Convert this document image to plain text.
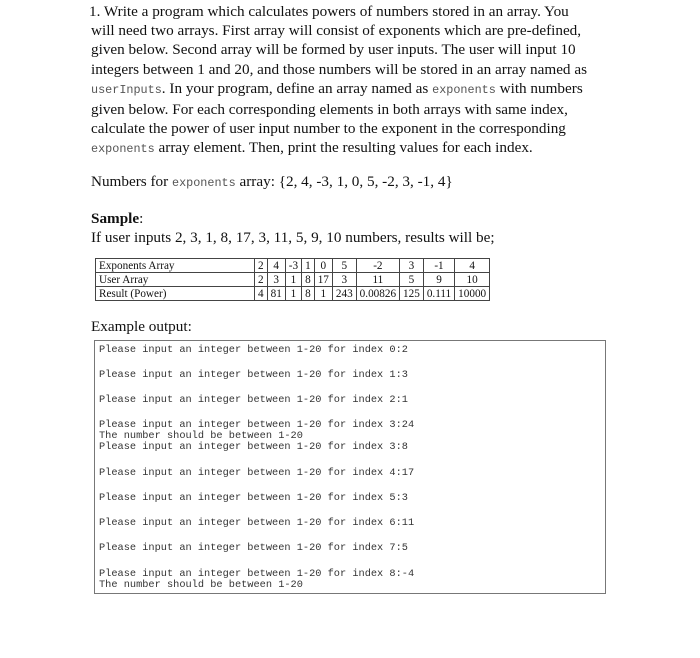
1. Write a program which calculates powers of numbers stored in an array. You
will need two arrays. First array will consist of exponents which are pre-defined,
given below. Second array will be formed by user inputs. The user will input 10
integers between 1 and 20, and those numbers will be stored in an array named as
userInputs. In your program, define an array named as exponents with numbers
given below. For each corresponding elements in both arrays with same index,
calculate the power of user input number to the exponent in the corresponding
exponents array element. Then, print the resulting values for each index.
Numbers for exponents array: {2, 4, -3, 1, 0, 5, -2, 3, -1, 4}
Sample:
If user inputs 2, 3, 1, 8, 17, 3, 11, 5, 9, 10 numbers, results will be;
Exponents Array	2	4	-3	1	0	5	-2	3	-1	4
User Array	2	3	1	8	17	3	11	5	9	10
Result (Power)	4	81	1	8	1	243	0.00826	125	0.111	10000
Example output:
Please input an integer between 1-20 for index 0:2
Please input an integer between 1-20 for index 1:3
Please input an integer between 1-20 for index 2:1
Please input an integer between 1-20 for index 3:24
The number should be between 1-20
Please input an integer between 1-20 for index 3:8
Please input an integer between 1-20 for index 4:17
Please input an integer between 1-20 for index 5:3
Please input an integer between 1-20 for index 6:11
Please input an integer between 1-20 for index 7:5
Please input an integer between 1-20 for index 8:-4
The number should be between 1-20
